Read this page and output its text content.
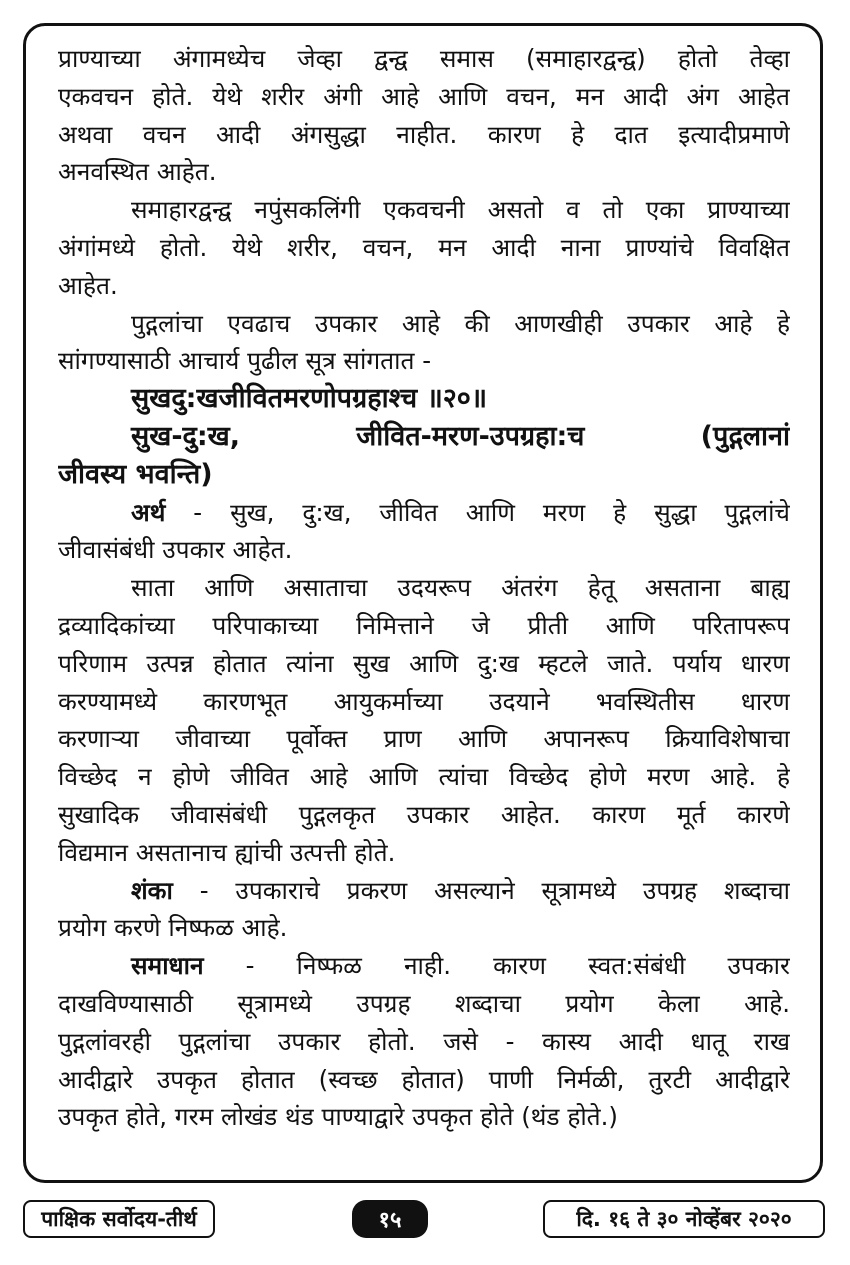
प्राण्याच्या अंगामध्येच जेव्हा द्वन्द्व समास (समाहारद्वन्द्व) होतो तेव्हा
एकवचन होते. येथे शरीर अंगी आहे आणि वचन, मन आदी अंग आहेत
अथवा वचन आदी अंगसुद्धा नाहीत. कारण हे दात इत्यादीप्रमाणे
अनवस्थित आहेत.
समाहारद्वन्द्व नपुंसकलिंगी एकवचनी असतो व तो एका प्राण्याच्या
अंगांमध्ये होतो. येथे शरीर, वचन, मन आदी नाना प्राण्यांचे विवक्षित
आहेत.
पुद्गलांचा एवढाच उपकार आहे की आणखीही उपकार आहे हे
सांगण्यासाठी आचार्य पुढील सूत्र सांगतात -
सुखदु:खजीवितमरणोपग्रहाश्च ॥२०॥
सुख-दु:ख, जीवित-मरण-उपग्रहा:च (पुद्गलानां
जीवस्य भवन्ति)
अर्थ - सुख, दु:ख, जीवित आणि मरण हे सुद्धा पुद्गलांचे
जीवासंबंधी उपकार आहेत.
साता आणि असाताचा उदयरूप अंतरंग हेतू असताना बाह्य
द्रव्यादिकांच्या परिपाकाच्या निमित्ताने जे प्रीती आणि परितापरूप
परिणाम उत्पन्न होतात त्यांना सुख आणि दु:ख म्हटले जाते. पर्याय धारण
करण्यामध्ये कारणभूत आयुकर्माच्या उदयाने भवस्थितीस धारण
करणाऱ्या जीवाच्या पूर्वोक्त प्राण आणि अपानरूप क्रियाविशेषाचा
विच्छेद न होणे जीवित आहे आणि त्यांचा विच्छेद होणे मरण आहे. हे
सुखादिक जीवासंबंधी पुद्गलकृत उपकार आहेत. कारण मूर्त कारणे
विद्यमान असतानाच ह्यांची उत्पत्ती होते.
शंका - उपकाराचे प्रकरण असल्याने सूत्रामध्ये उपग्रह शब्दाचा
प्रयोग करणे निष्फळ आहे.
समाधान - निष्फळ नाही. कारण स्वत:संबंधी उपकार
दाखविण्यासाठी सूत्रामध्ये उपग्रह शब्दाचा प्रयोग केला आहे.
पुद्गलांवरही पुद्गलांचा उपकार होतो. जसे - कास्य आदी धातू राख
आदीद्वारे उपकृत होतात (स्वच्छ होतात) पाणी निर्मळी, तुरटी आदीद्वारे
उपकृत होते, गरम लोखंड थंड पाण्याद्वारे उपकृत होते (थंड होते.)
पाक्षिक सर्वोदय-तीर्थ	१५	दि. १६ ते ३० नोव्हेंबर २०२०
